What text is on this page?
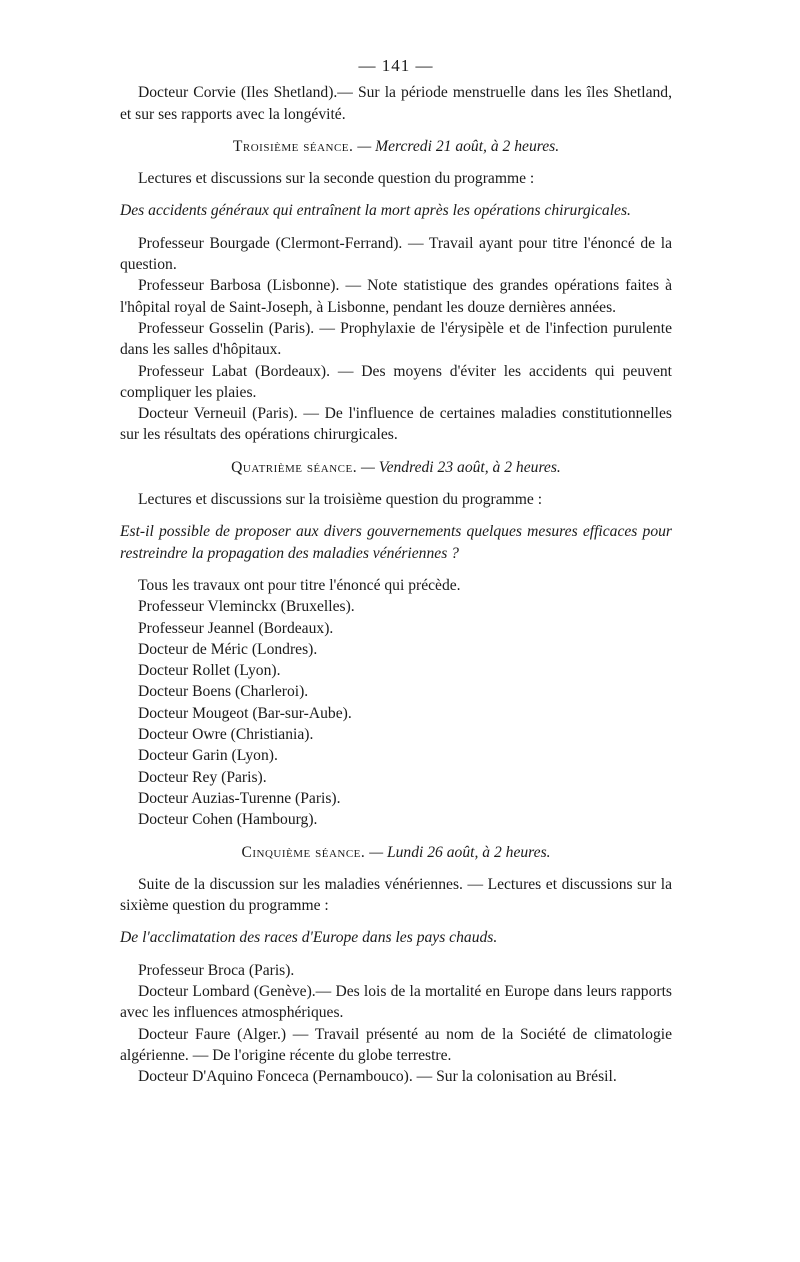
— 141 —

Docteur Corvie (Iles Shetland).— Sur la période menstruelle dans les îles Shetland, et sur ses rapports avec la longévité.

Troisième séance. — Mercredi 21 août, à 2 heures.

Lectures et discussions sur la seconde question du programme :

Des accidents généraux qui entraînent la mort après les opérations chirurgicales.

Professeur Bourgade (Clermont-Ferrand). — Travail ayant pour titre l'énoncé de la question.

Professeur Barbosa (Lisbonne). — Note statistique des grandes opérations faites à l'hôpital royal de Saint-Joseph, à Lisbonne, pendant les douze dernières années.

Professeur Gosselin (Paris). — Prophylaxie de l'érysipèle et de l'infection purulente dans les salles d'hôpitaux.

Professeur Labat (Bordeaux). — Des moyens d'éviter les accidents qui peuvent compliquer les plaies.

Docteur Verneuil (Paris). — De l'influence de certaines maladies constitutionnelles sur les résultats des opérations chirurgicales.

Quatrième séance. — Vendredi 23 août, à 2 heures.

Lectures et discussions sur la troisième question du programme :

Est-il possible de proposer aux divers gouvernements quelques mesures efficaces pour restreindre la propagation des maladies vénériennes ?

Tous les travaux ont pour titre l'énoncé qui précède.

Professeur Vleminckx (Bruxelles).

Professeur Jeannel (Bordeaux).

Docteur de Méric (Londres).

Docteur Rollet (Lyon).

Docteur Boens (Charleroi).

Docteur Mougeot (Bar-sur-Aube).

Docteur Owre (Christiania).

Docteur Garin (Lyon).

Docteur Rey (Paris).

Docteur Auzias-Turenne (Paris).

Docteur Cohen (Hambourg).

Cinquième séance. — Lundi 26 août, à 2 heures.

Suite de la discussion sur les maladies vénériennes. — Lectures et discussions sur la sixième question du programme :

De l'acclimatation des races d'Europe dans les pays chauds.

Professeur Broca (Paris).

Docteur Lombard (Genève).— Des lois de la mortalité en Europe dans leurs rapports avec les influences atmosphériques.

Docteur Faure (Alger.) — Travail présenté au nom de la Société de climatologie algérienne. — De l'origine récente du globe terrestre.

Docteur D'Aquino Fonceca (Pernambouco). — Sur la colonisation au Brésil.
